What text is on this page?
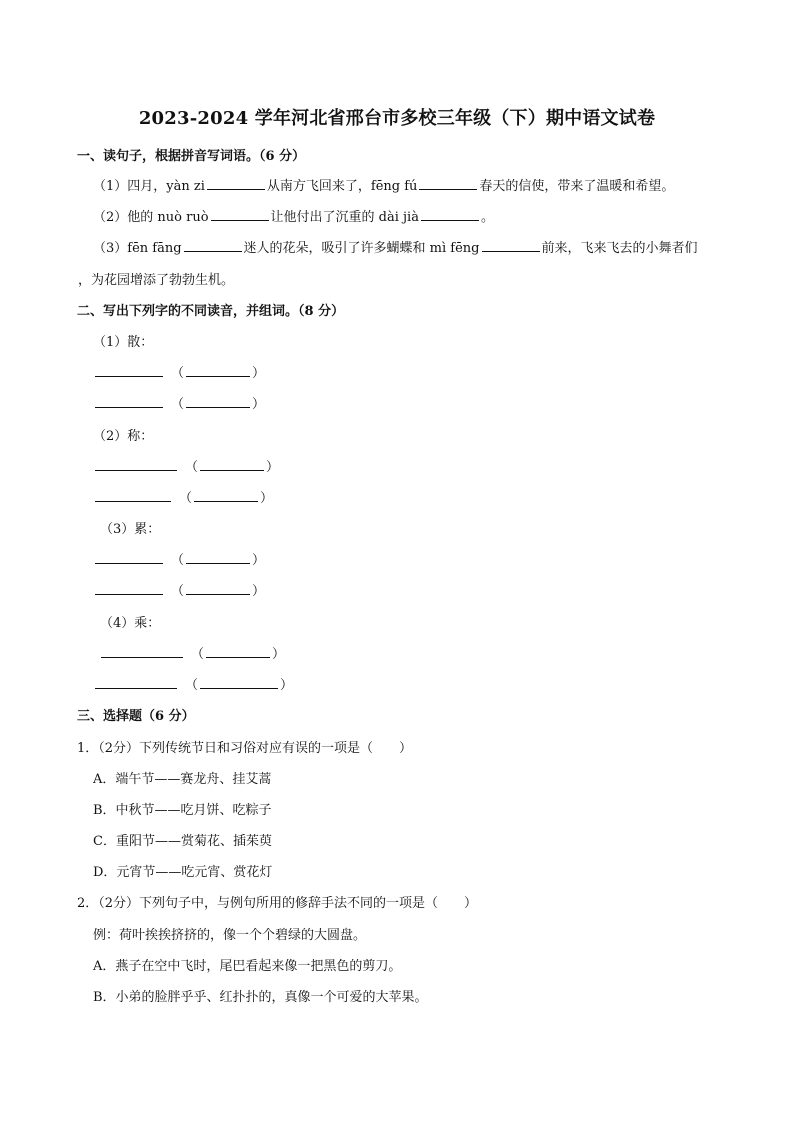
2023-2024 学年河北省邢台市多校三年级（下）期中语文试卷
一、读句子，根据拼音写词语。（6 分）
（1）四月，yàn zi	从南方飞回来了，fēng fú	春天的信使，带来了温暖和希望。
（2）他的 nuò ruò	让他付出了沉重的 dài jià	。
（3）fēn fāng	迷人的花朵，吸引了许多蝴蝶和 mì fēng	前来，飞来飞去的小舞者们
，为花园增添了勃勃生机。
二、写出下列字的不同读音，并组词。（8 分）
（1）散：
（	）
（	）
（2）称：
（	）
（	）
（3）累：
（	）
（	）
（4）乘：
（	）
（	）
三、选择题（6 分）
1．（2分）下列传统节日和习俗对应有误的一项是（　　）
A．端午节——赛龙舟、挂艾蒿
B．中秋节——吃月饼、吃粽子
C．重阳节——赏菊花、插茱萸
D．元宵节——吃元宵、赏花灯
2．（2分）下列句子中，与例句所用的修辞手法不同的一项是（　　）
例：荷叶挨挨挤挤的，像一个个碧绿的大圆盘。
A．燕子在空中飞时，尾巴看起来像一把黑色的剪刀。
B．小弟的脸胖乎乎、红扑扑的，真像一个可爱的大苹果。
